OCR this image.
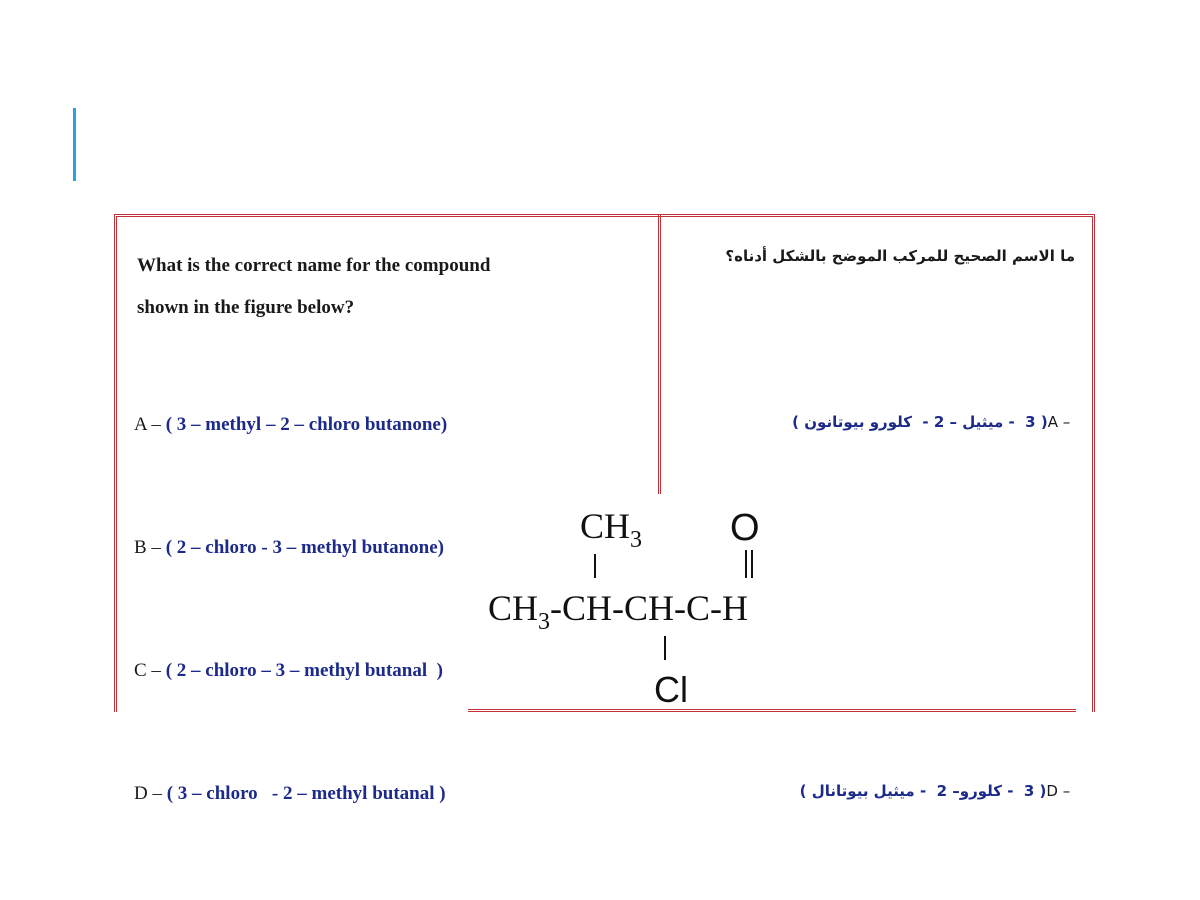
What is the correct name for the compound
shown in the figure below?

A – ( 3 – methyl – 2 – chloro butanone)

B – ( 2 – chloro - 3 – methyl butanone)

C – ( 2 – chloro – 3 – methyl butanal  )

D – ( 3 – chloro   - 2 – methyl butanal )

ما الاسم الصحيح للمركب الموضح بالشكل أدناه؟

( 3  - ميثيل – 2 -  كلورو بيوتانون )A –

( 3  - كلورو– 2  - ميثيل بيوتانال )D –

$CH_3$ O
$CH_3-CH-CH-C-H$
Cl
